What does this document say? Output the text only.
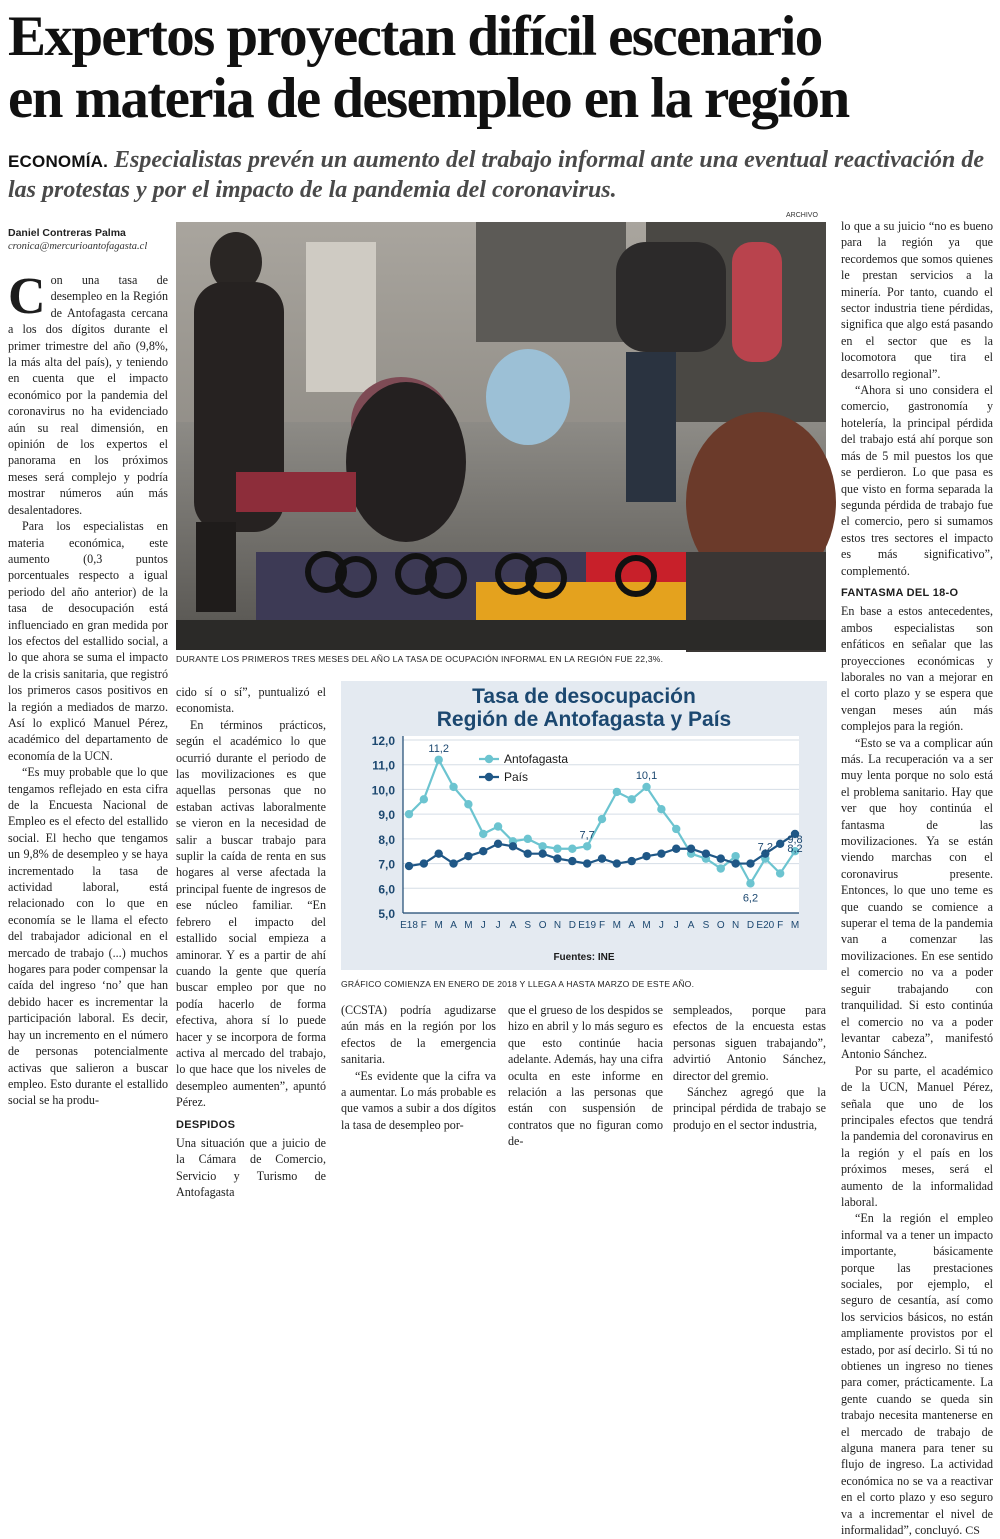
Expertos proyectan difícil escenario
en materia de desempleo en la región
ECONOMÍA. Especialistas prevén un aumento del trabajo informal ante una eventual reactivación de las protestas y por el impacto de la pandemia del coronavirus.
Daniel Contreras Palma
cronica@mercurioantofagasta.cl

Con una tasa de desempleo en la Región de Antofagasta cercana a los dos dígitos durante el primer trimestre del año (9,8%, la más alta del país), y teniendo en cuenta que el impacto económico por la pandemia del coronavirus no ha evidenciado aún su real dimensión, en opinión de los expertos el panorama en los próximos meses será complejo y podría mostrar números aún más desalentadores.

Para los especialistas en materia económica, este aumento (0,3 puntos porcentuales respecto a igual periodo del año anterior) de la tasa de desocupación está influenciado en gran medida por los efectos del estallido social, a lo que ahora se suma el impacto de la crisis sanitaria, que registró los primeros casos positivos en la región a mediados de marzo. Así lo explicó Manuel Pérez, académico del departamento de economía de la UCN.

“Es muy probable que lo que tengamos reflejado en esta cifra de la Encuesta Nacional de Empleo es el efecto del estallido social. El hecho que tengamos un 9,8% de desempleo y se haya incrementado la tasa de actividad laboral, está relacionado con lo que en economía se le llama el efecto del trabajador adicional en el mercado de trabajo (...) muchos hogares para poder compensar la caída del ingreso ‘no’ que han debido hacer es incrementar la participación laboral. Es decir, hay un incremento en el número de personas potencialmente activas que salieron a buscar empleo. Esto durante el estallido social se ha produ-

ARCHIVO
DURANTE LOS PRIMEROS TRES MESES DEL AÑO LA TASA DE OCUPACIÓN INFORMAL EN LA REGIÓN FUE 22,3%.

cido sí o sí”, puntualizó el economista.

En términos prácticos, según el académico lo que ocurrió durante el periodo de las movilizaciones es que aquellas personas que no estaban activas laboralmente se vieron en la necesidad de salir a buscar trabajo para suplir la caída de renta en sus hogares al verse afectada la principal fuente de ingresos de ese núcleo familiar. “En febrero el impacto del estallido social empieza a aminorar. Y es a partir de ahí cuando la gente que quería buscar empleo por que no podía hacerlo de forma efectiva, ahora sí lo puede hacer y se incorpora de forma activa al mercado del trabajo, lo que hace que los niveles de desempleo aumenten”, apuntó Pérez.

DESPIDOS

Una situación que a juicio de la Cámara de Comercio, Servicio y Turismo de Antofagasta

Tasa de desocupación
Región de Antofagasta y País
12,0
11,0
10,0
9,0
8,0
7,0
6,0
5,0
E18 F M A M J J A S O N D E19 F M A M J J A S O N D E20 F M
11,2
7,7
10,1
6,2
7,2
9,8
8,2
Antofagasta
País
Fuentes: INE
GRÁFICO COMIENZA EN ENERO DE 2018 Y LLEGA A HASTA MARZO DE ESTE AÑO.

(CCSTA) podría agudizarse aún más en la región por los efectos de la emergencia sanitaria.

“Es evidente que la cifra va a aumentar. Lo más probable es que vamos a subir a dos dígitos la tasa de desempleo por-

que el grueso de los despidos se hizo en abril y lo más seguro es que esto continúe hacia adelante. Además, hay una cifra oculta en este informe en relación a las personas que están con suspensión de contratos que no figuran como de-

sempleados, porque para efectos de la encuesta estas personas siguen trabajando”, advirtió Antonio Sánchez, director del gremio.

Sánchez agregó que la principal pérdida de trabajo se produjo en el sector industria,

lo que a su juicio “no es bueno para la región ya que recordemos que somos quienes le prestan servicios a la minería. Por tanto, cuando el sector industria tiene pérdidas, significa que algo está pasando en el sector que es la locomotora que tira el desarrollo regional”.

“Ahora si uno considera el comercio, gastronomía y hotelería, la principal pérdida del trabajo está ahí porque son más de 5 mil puestos los que se perdieron. Lo que pasa es que visto en forma separada la segunda pérdida de trabajo fue el comercio, pero si sumamos estos tres sectores el impacto es más significativo”, complementó.

FANTASMA DEL 18-O

En base a estos antecedentes, ambos especialistas son enfáticos en señalar que las proyecciones económicas y laborales no van a mejorar en el corto plazo y se espera que vengan meses aún más complejos para la región.

“Esto se va a complicar aún más. La recuperación va a ser muy lenta porque no solo está el problema sanitario. Hay que ver que hoy continúa el fantasma de las movilizaciones. Ya se están viendo marchas con el coronavirus presente. Entonces, lo que uno teme es que cuando se comience a superar el tema de la pandemia van a comenzar las movilizaciones. En ese sentido el comercio no va a poder seguir trabajando con tranquilidad. Si esto continúa el comercio no va a poder levantar cabeza”, manifestó Antonio Sánchez.

Por su parte, el académico de la UCN, Manuel Pérez, señala que uno de los principales efectos que tendrá la pandemia del coronavirus en la región y el país en los próximos meses, será el aumento de la informalidad laboral.

“En la región el empleo informal va a tener un impacto importante, básicamente porque las prestaciones sociales, por ejemplo, el seguro de cesantía, así como los servicios básicos, no están ampliamente provistos por el estado, por así decirlo. Si tú no obtienes un ingreso no tienes para comer, prácticamente. La gente cuando se queda sin trabajo necesita mantenerse en el mercado de trabajo de alguna manera para tener su flujo de ingreso. La actividad económica no se va a reactivar en el corto plazo y eso seguro va a incrementar el nivel de informalidad”, concluyó. CS
